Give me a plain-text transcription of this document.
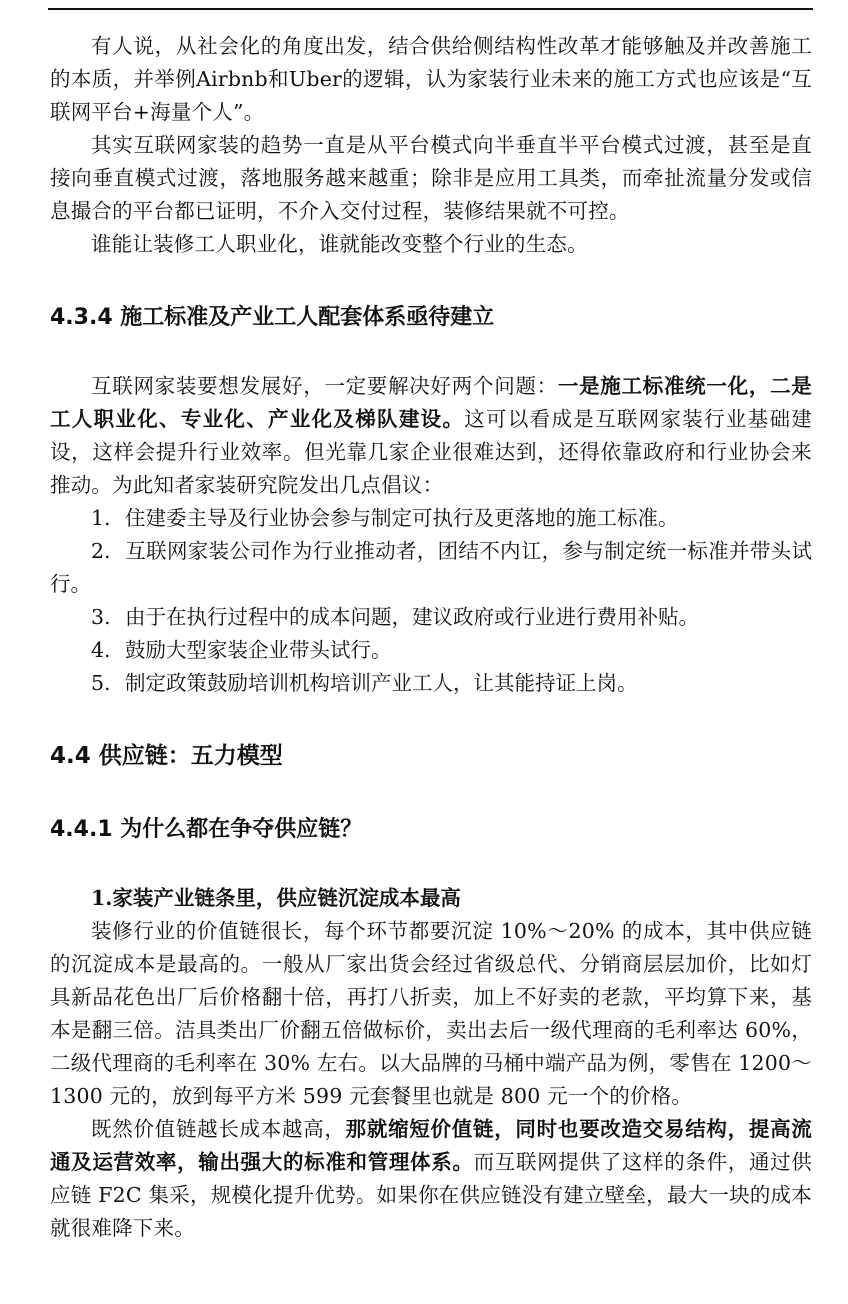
有人说，从社会化的角度出发，结合供给侧结构性改革才能够触及并改善施工的本质，并举例Airbnb和Uber的逻辑，认为家装行业未来的施工方式也应该是“互联网平台+海量个人”。

其实互联网家装的趋势一直是从平台模式向半垂直半平台模式过渡，甚至是直接向垂直模式过渡，落地服务越来越重；除非是应用工具类，而牵扯流量分发或信息撮合的平台都已证明，不介入交付过程，装修结果就不可控。

谁能让装修工人职业化，谁就能改变整个行业的生态。

4.3.4 施工标准及产业工人配套体系亟待建立

互联网家装要想发展好，一定要解决好两个问题：一是施工标准统一化，二是工人职业化、专业化、产业化及梯队建设。这可以看成是互联网家装行业基础建设，这样会提升行业效率。但光靠几家企业很难达到，还得依靠政府和行业协会来推动。为此知者家装研究院发出几点倡议：

1. 住建委主导及行业协会参与制定可执行及更落地的施工标准。

2. 互联网家装公司作为行业推动者，团结不内讧，参与制定统一标准并带头试行。

3. 由于在执行过程中的成本问题，建议政府或行业进行费用补贴。

4. 鼓励大型家装企业带头试行。

5. 制定政策鼓励培训机构培训产业工人，让其能持证上岗。

4.4 供应链：五力模型

4.4.1 为什么都在争夺供应链？

1.家装产业链条里，供应链沉淀成本最高

装修行业的价值链很长，每个环节都要沉淀 10%～20% 的成本，其中供应链的沉淀成本是最高的。一般从厂家出货会经过省级总代、分销商层层加价，比如灯具新品花色出厂后价格翻十倍，再打八折卖，加上不好卖的老款，平均算下来，基本是翻三倍。洁具类出厂价翻五倍做标价，卖出去后一级代理商的毛利率达 60%，二级代理商的毛利率在 30% 左右。以大品牌的马桶中端产品为例，零售在 1200～1300 元的，放到每平方米 599 元套餐里也就是 800 元一个的价格。

既然价值链越长成本越高，那就缩短价值链，同时也要改造交易结构，提高流通及运营效率，输出强大的标准和管理体系。而互联网提供了这样的条件，通过供应链 F2C 集采，规模化提升优势。如果你在供应链没有建立壁垒，最大一块的成本就很难降下来。
